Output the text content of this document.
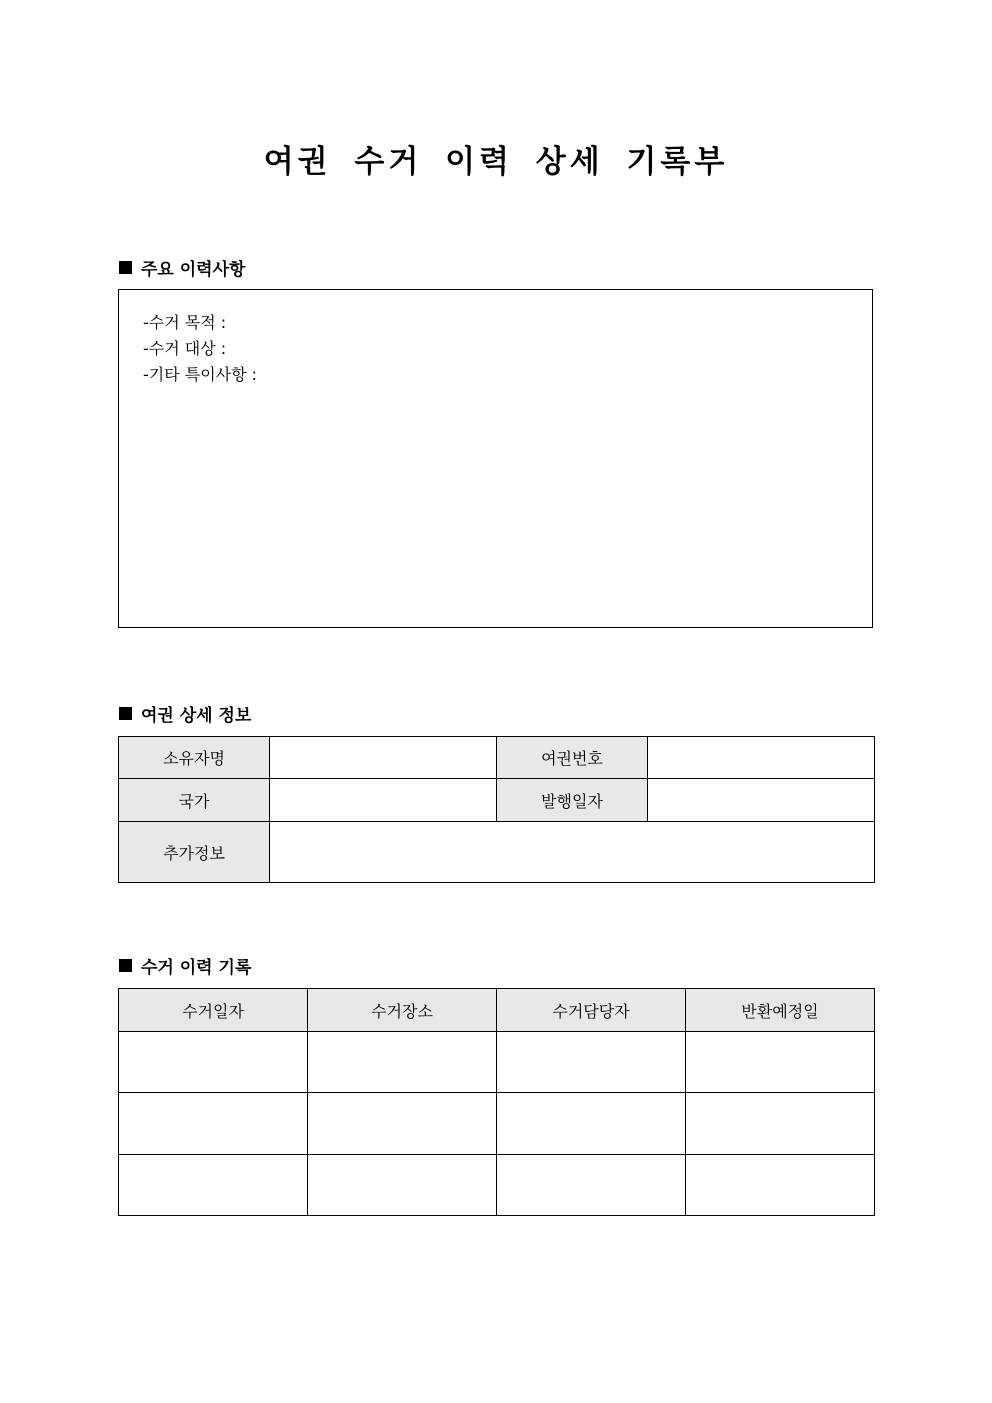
여권 수거 이력 상세 기록부
주요 이력사항
-수거 목적 :
-수거 대상 :
-기타 특이사항 :
여권 상세 정보
소유자명		여권번호	
국가		발행일자	
추가정보			
수거 이력 기록
수거일자	수거장소	수거담당자	반환예정일
